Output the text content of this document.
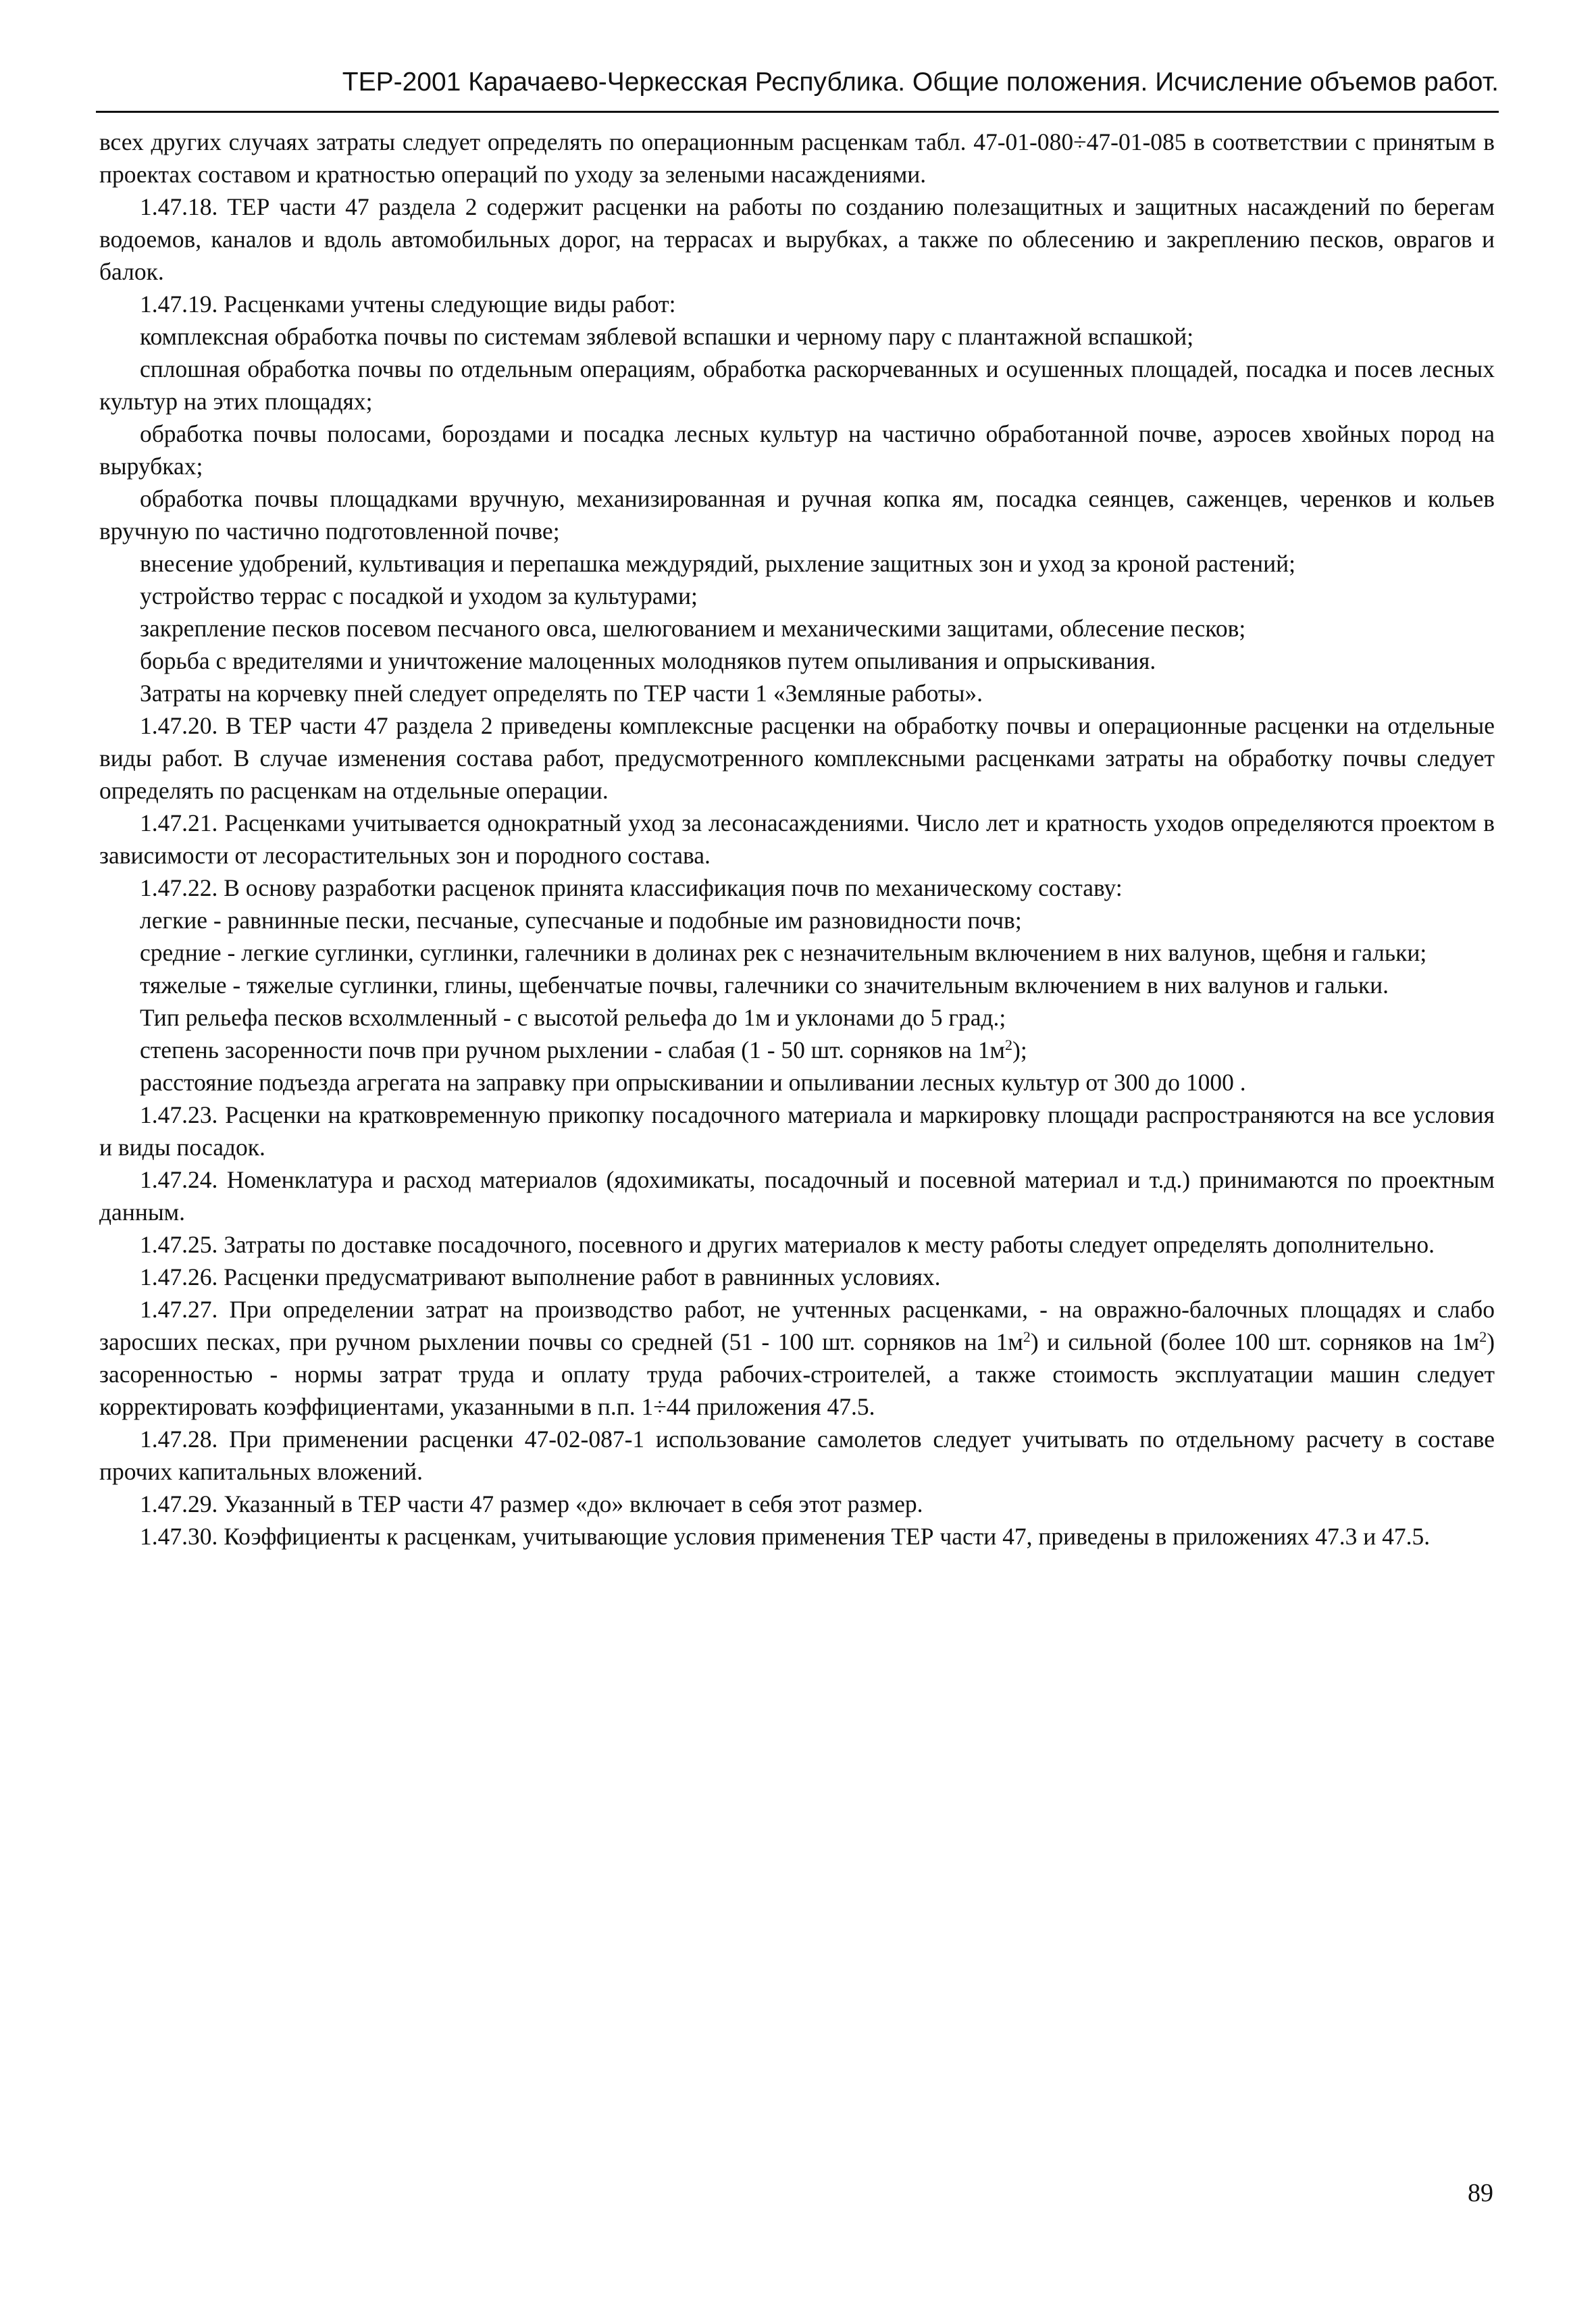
ТЕР-2001 Карачаево-Черкесская Республика. Общие положения. Исчисление объемов работ.

всех других случаях затраты следует определять по операционным расценкам табл. 47-01-080÷47-01-085 в соответствии с принятым в проектах составом и кратностью операций по уходу за зелеными насаждениями.

1.47.18. ТЕР части 47 раздела 2 содержит расценки на работы по созданию полезащитных и защитных насаждений по берегам водоемов, каналов и вдоль автомобильных дорог, на террасах и вырубках, а также по облесению и закреплению песков, оврагов и балок.

1.47.19. Расценками учтены следующие виды работ:

комплексная обработка почвы по системам зяблевой вспашки и черному пару с плантажной вспашкой;

сплошная обработка почвы по отдельным операциям, обработка раскорчеванных и осушенных площадей, посадка и посев лесных культур на этих площадях;

обработка почвы полосами, бороздами и посадка лесных культур на частично обработанной почве, аэросев хвойных пород на вырубках;

обработка почвы площадками вручную, механизированная и ручная копка ям, посадка сеянцев, саженцев, черенков и кольев вручную по частично подготовленной почве;

внесение удобрений, культивация и перепашка междурядий, рыхление защитных зон и уход за кроной растений;

устройство террас с посадкой и уходом за культурами;

закрепление песков посевом песчаного овса, шелюгованием и механическими защитами, облесение песков;

борьба с вредителями и уничтожение малоценных молодняков путем опыливания и опрыскивания.

Затраты на корчевку пней следует определять по ТЕР части 1 «Земляные работы».

1.47.20. В ТЕР части 47 раздела 2 приведены комплексные расценки на обработку почвы и операционные расценки на отдельные виды работ. В случае изменения состава работ, предусмотренного комплексными расценками затраты на обработку почвы следует определять по расценкам на отдельные операции.

1.47.21. Расценками учитывается однократный уход за лесонасаждениями. Число лет и кратность уходов определяются проектом в зависимости от лесорастительных зон и породного состава.

1.47.22. В основу разработки расценок принята классификация почв по механическому составу:

легкие - равнинные пески, песчаные, супесчаные и подобные им разновидности почв;

средние - легкие суглинки, суглинки, галечники в долинах рек с незначительным включением в них валунов, щебня и гальки;

тяжелые - тяжелые суглинки, глины, щебенчатые почвы, галечники со значительным включением в них валунов и гальки.

Тип рельефа песков всхолмленный - с высотой рельефа до 1м и уклонами до 5 град.;

степень засоренности почв при ручном рыхлении - слабая (1 - 50 шт. сорняков на $1м^2$);

расстояние подъезда агрегата на заправку при опрыскивании и опыливании лесных культур от 300 до 1000 .

1.47.23. Расценки на кратковременную прикопку посадочного материала и маркировку площади распространяются на все условия и виды посадок.

1.47.24. Номенклатура и расход материалов (ядохимикаты, посадочный и посевной материал и т.д.) принимаются по проектным данным.

1.47.25. Затраты по доставке посадочного, посевного и других материалов к месту работы следует определять дополнительно.

1.47.26. Расценки предусматривают выполнение работ в равнинных условиях.

1.47.27. При определении затрат на производство работ, не учтенных расценками, - на овражно-балочных площадях и слабо заросших песках, при ручном рыхлении почвы со средней (51 - 100 шт. сорняков на $1м^2$) и сильной (более 100 шт. сорняков на $1м^2$) засоренностью - нормы затрат труда и оплату труда рабочих-строителей, а также стоимость эксплуатации машин следует корректировать коэффициентами, указанными в п.п. 1÷44 приложения 47.5.

1.47.28. При применении расценки 47-02-087-1 использование самолетов следует учитывать по отдельному расчету в составе прочих капитальных вложений.

1.47.29. Указанный в ТЕР части 47 размер «до» включает в себя этот размер.

1.47.30. Коэффициенты к расценкам, учитывающие условия применения ТЕР части 47, приведены в приложениях 47.3 и 47.5.

89
